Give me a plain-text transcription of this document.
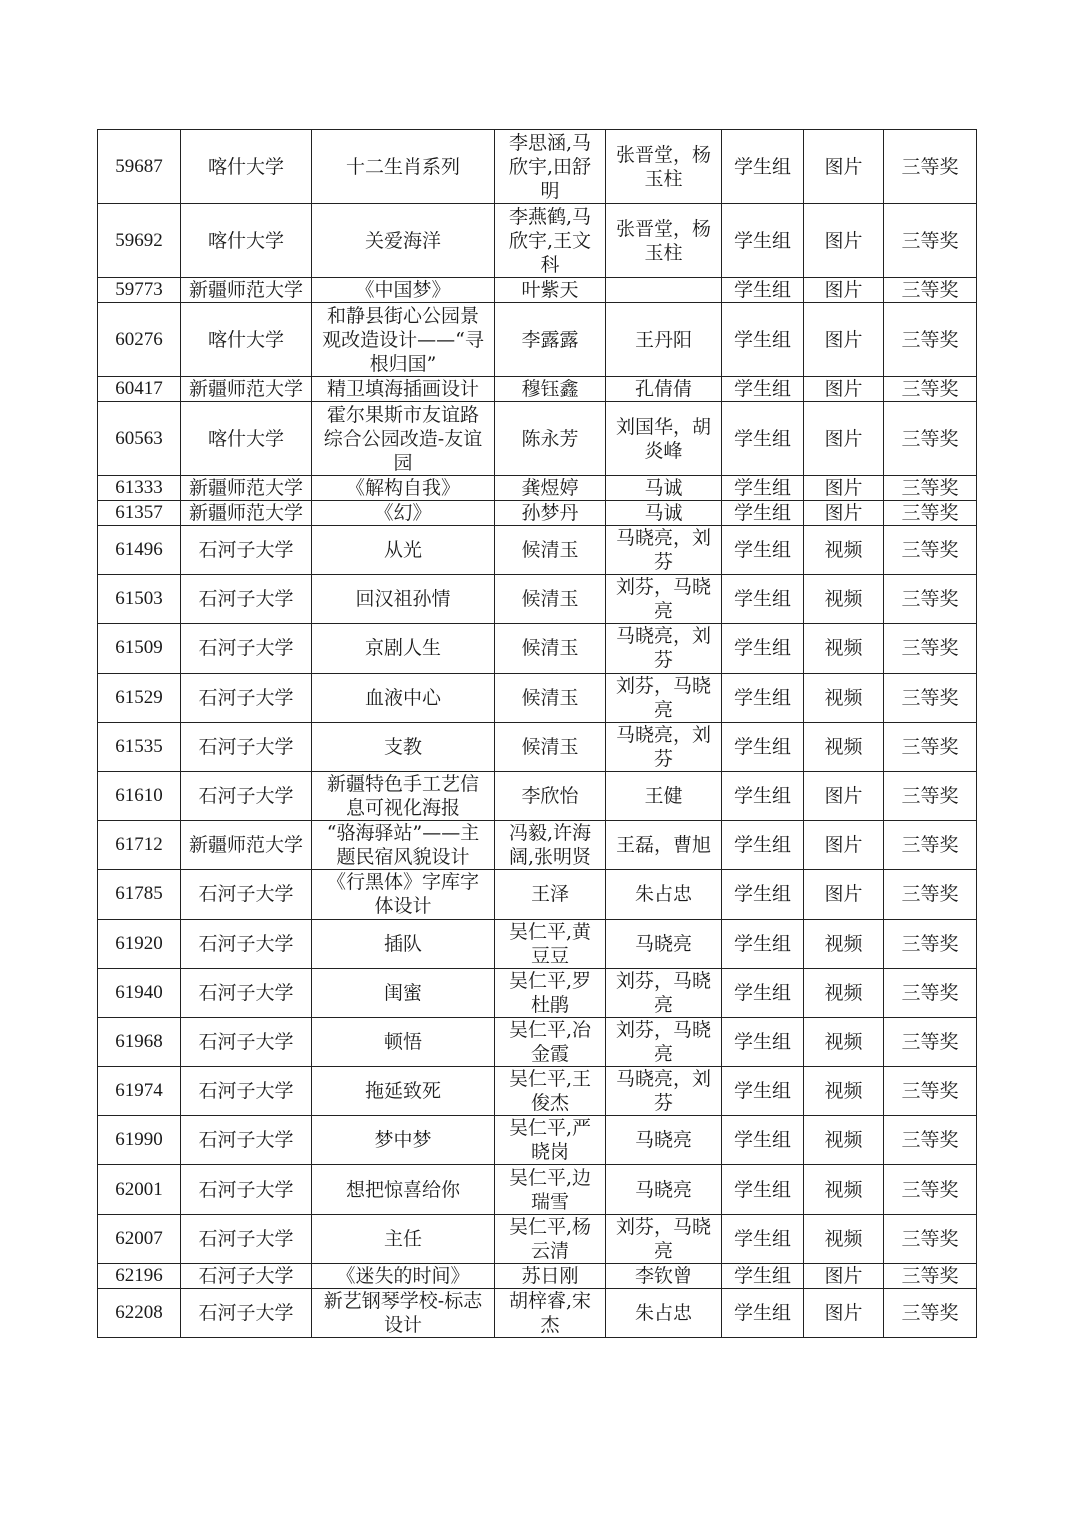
59687	喀什大学	十二生肖系列	李思涵,马欣宇,田舒明	张晋堂，杨玉柱	学生组	图片	三等奖
59692	喀什大学	关爱海洋	李燕鹤,马欣宇,王文科	张晋堂，杨玉柱	学生组	图片	三等奖
59773	新疆师范大学	《中国梦》	叶紫天		学生组	图片	三等奖
60276	喀什大学	和静县街心公园景观改造设计——“寻根归国”	李露露	王丹阳	学生组	图片	三等奖
60417	新疆师范大学	精卫填海插画设计	穆钰鑫	孔倩倩	学生组	图片	三等奖
60563	喀什大学	霍尔果斯市友谊路综合公园改造-友谊园	陈永芳	刘国华，胡炎峰	学生组	图片	三等奖
61333	新疆师范大学	《解构自我》	龚煜婷	马诚	学生组	图片	三等奖
61357	新疆师范大学	《幻》	孙梦丹	马诚	学生组	图片	三等奖
61496	石河子大学	从光	候清玉	马晓亮，刘芬	学生组	视频	三等奖
61503	石河子大学	回汉祖孙情	候清玉	刘芬，马晓亮	学生组	视频	三等奖
61509	石河子大学	京剧人生	候清玉	马晓亮，刘芬	学生组	视频	三等奖
61529	石河子大学	血液中心	候清玉	刘芬，马晓亮	学生组	视频	三等奖
61535	石河子大学	支教	候清玉	马晓亮，刘芬	学生组	视频	三等奖
61610	石河子大学	新疆特色手工艺信息可视化海报	李欣怡	王健	学生组	图片	三等奖
61712	新疆师范大学	“骆海驿站”——主题民宿风貌设计	冯毅,许海阔,张明贤	王磊，曹旭	学生组	图片	三等奖
61785	石河子大学	《行黑体》字库字体设计	王泽	朱占忠	学生组	图片	三等奖
61920	石河子大学	插队	吴仁平,黄豆豆	马晓亮	学生组	视频	三等奖
61940	石河子大学	闺蜜	吴仁平,罗杜鹃	刘芬，马晓亮	学生组	视频	三等奖
61968	石河子大学	顿悟	吴仁平,冶金霞	刘芬，马晓亮	学生组	视频	三等奖
61974	石河子大学	拖延致死	吴仁平,王俊杰	马晓亮，刘芬	学生组	视频	三等奖
61990	石河子大学	梦中梦	吴仁平,严晓岗	马晓亮	学生组	视频	三等奖
62001	石河子大学	想把惊喜给你	吴仁平,边瑞雪	马晓亮	学生组	视频	三等奖
62007	石河子大学	主任	吴仁平,杨云清	刘芬，马晓亮	学生组	视频	三等奖
62196	石河子大学	《迷失的时间》	苏日刚	李钦曾	学生组	图片	三等奖
62208	石河子大学	新艺钢琴学校-标志设计	胡梓睿,宋杰	朱占忠	学生组	图片	三等奖
